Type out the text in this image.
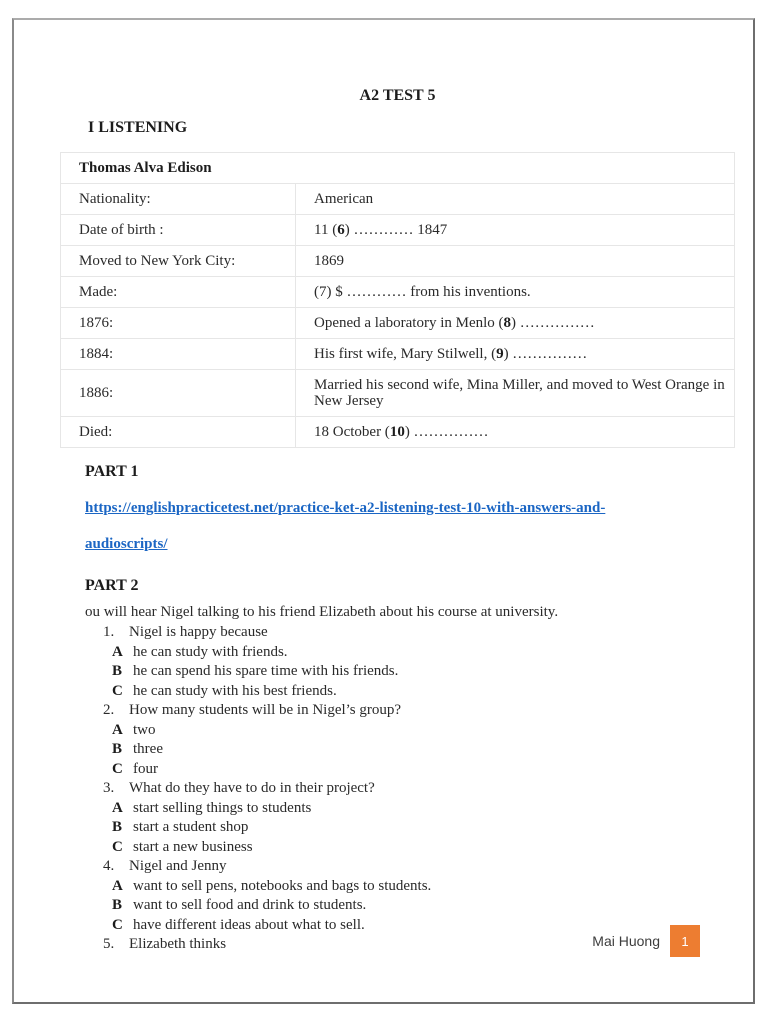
A2 TEST 5
I LISTENING
Thomas Alva Edison	
Nationality:	American
Date of birth :	11 (6) ………… 1847
Moved to New York City:	1869
Made:	(7) $ ………… from his inventions.
1876:	Opened a laboratory in Menlo (8) ……………
1884:	His first wife, Mary Stilwell, (9) ……………
1886:	Married his second wife, Mina Miller, and moved to West Orange in New Jersey
Died:	18 October (10) ……………
PART 1
https://englishpracticetest.net/practice-ket-a2-listening-test-10-with-answers-and-
audioscripts/
PART 2

ou will hear Nigel talking to his friend Elizabeth about his course at university.

1. Nigel is happy because
A he can study with friends.
B he can spend his spare time with his friends.
C he can study with his best friends.
2. How many students will be in Nigel’s group?
A two
B three
C four
3. What do they have to do in their project?
A start selling things to students
B start a student shop
C start a new business
4. Nigel and Jenny
A want to sell pens, notebooks and bags to students.
B want to sell food and drink to students.
C have different ideas about what to sell.
5. Elizabeth thinks	Mai Huong	1
